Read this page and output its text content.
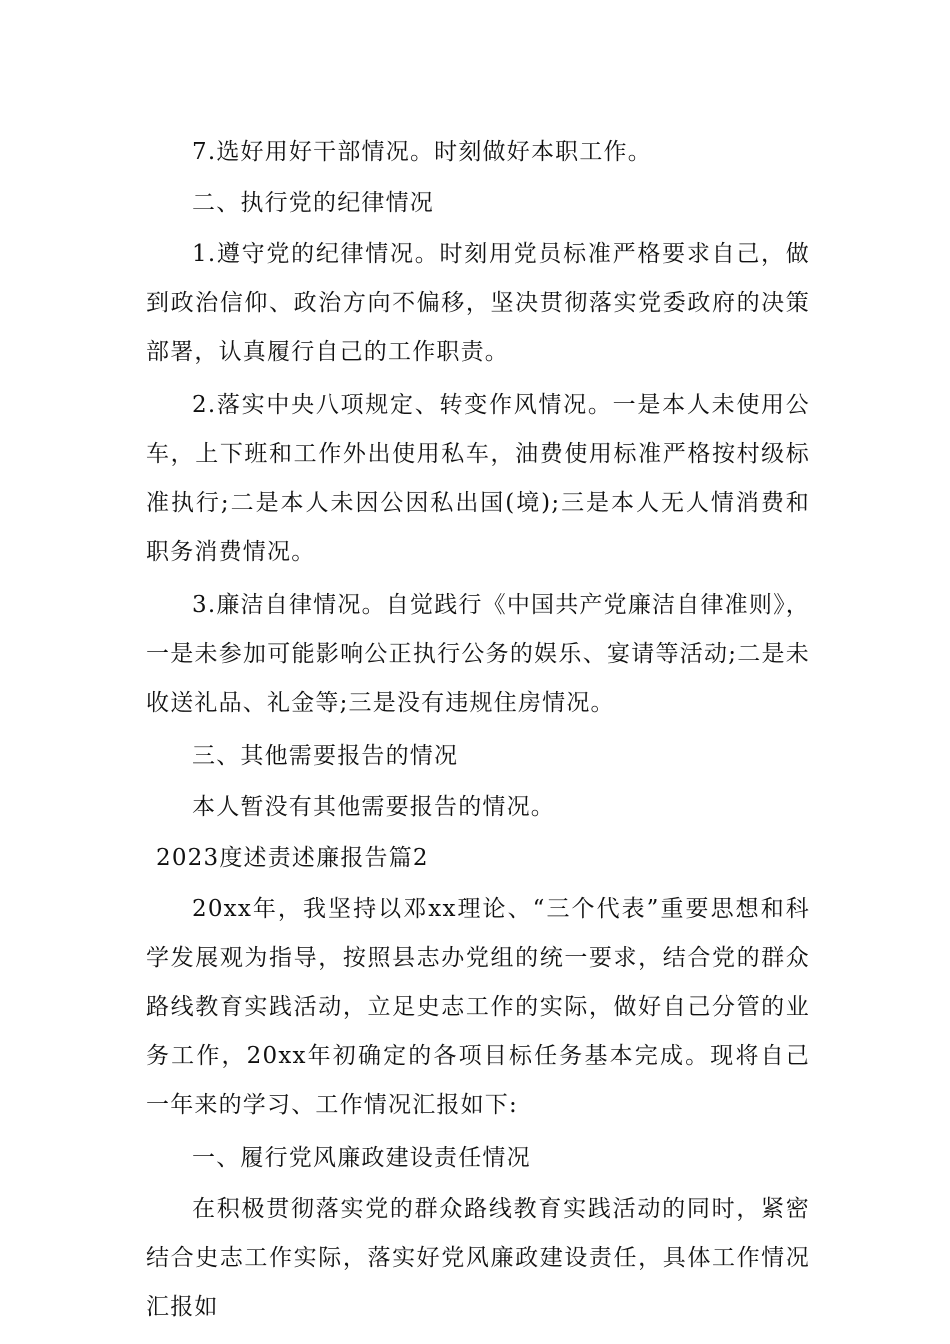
7.选好用好干部情况。时刻做好本职工作。

二、执行党的纪律情况

1.遵守党的纪律情况。时刻用党员标准严格要求自己，做到政治信仰、政治方向不偏移，坚决贯彻落实党委政府的决策部署，认真履行自己的工作职责。

2.落实中央八项规定、转变作风情况。一是本人未使用公车，上下班和工作外出使用私车，油费使用标准严格按村级标准执行;二是本人未因公因私出国(境);三是本人无人情消费和职务消费情况。

3.廉洁自律情况。自觉践行《中国共产党廉洁自律准则》，一是未参加可能影响公正执行公务的娱乐、宴请等活动;二是未收送礼品、礼金等;三是没有违规住房情况。

三、其他需要报告的情况

本人暂没有其他需要报告的情况。

2023度述责述廉报告篇2

20xx年，我坚持以邓xx理论、“三个代表”重要思想和科学发展观为指导，按照县志办党组的统一要求，结合党的群众路线教育实践活动，立足史志工作的实际，做好自己分管的业务工作，20xx年初确定的各项目标任务基本完成。现将自己一年来的学习、工作情况汇报如下:

一、履行党风廉政建设责任情况

在积极贯彻落实党的群众路线教育实践活动的同时，紧密结合史志工作实际，落实好党风廉政建设责任，具体工作情况汇报如
